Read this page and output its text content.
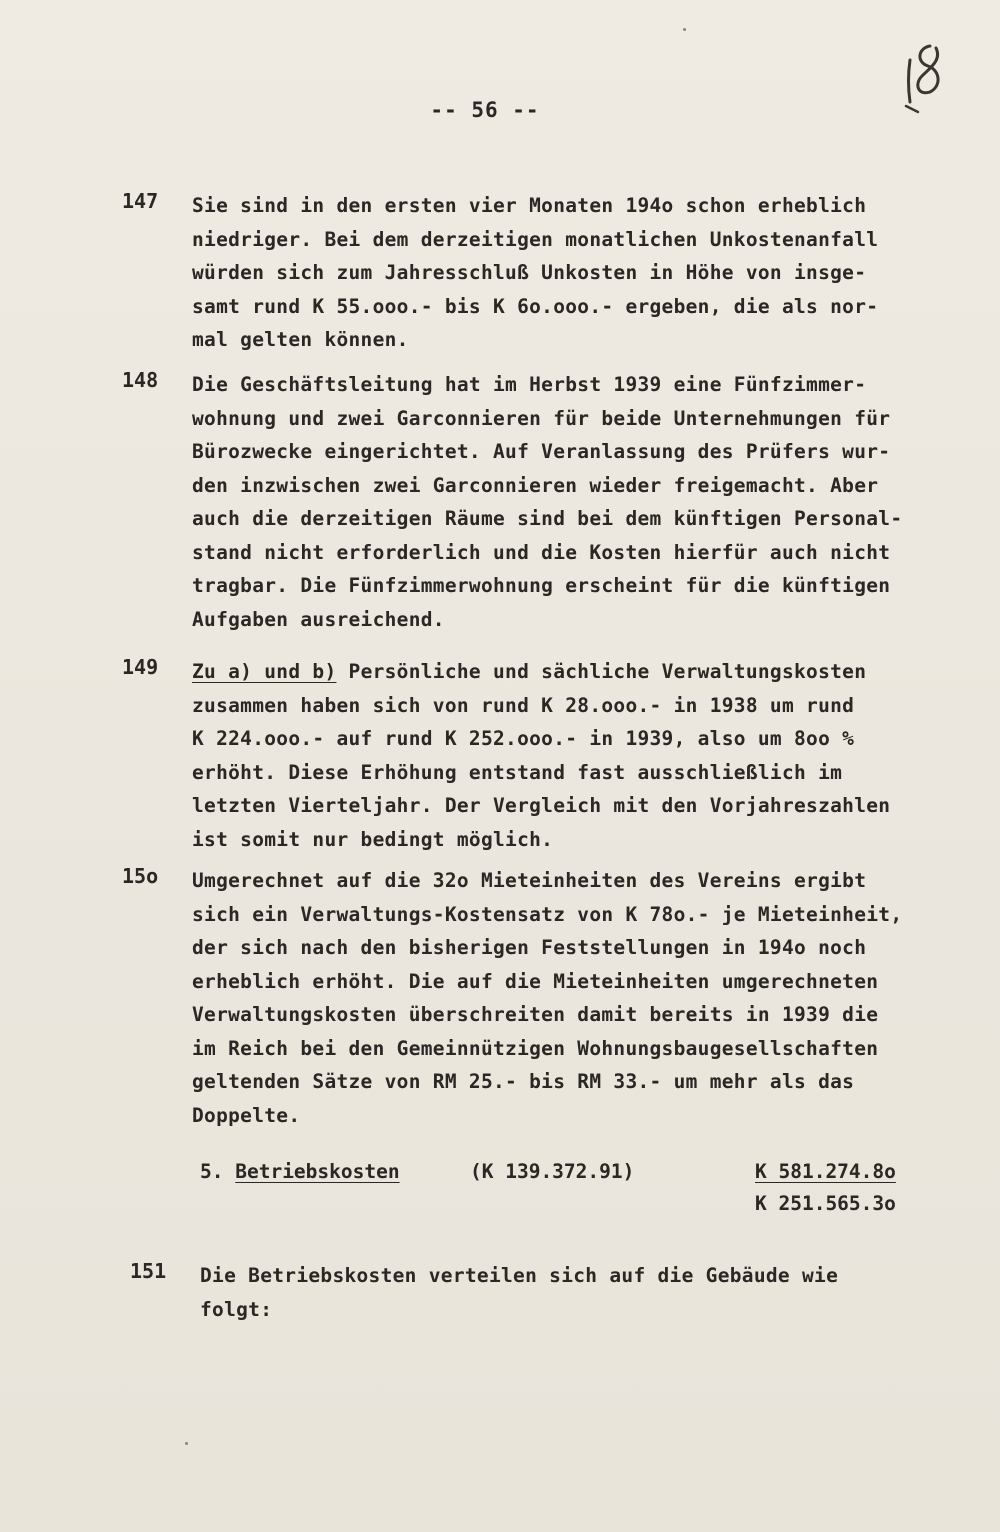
-- 56 --
147 Sie sind in den ersten vier Monaten 194o schon erheblich
niedriger. Bei dem derzeitigen monatlichen Unkostenanfall
würden sich zum Jahresschluß Unkosten in Höhe von insge-
samt rund K 55.ooo.- bis K 6o.ooo.- ergeben, die als nor-
mal gelten können.
148 Die Geschäftsleitung hat im Herbst 1939 eine Fünfzimmer-
wohnung und zwei Garconnieren für beide Unternehmungen für
Bürozwecke eingerichtet. Auf Veranlassung des Prüfers wur-
den inzwischen zwei Garconnieren wieder freigemacht. Aber
auch die derzeitigen Räume sind bei dem künftigen Personal-
stand nicht erforderlich und die Kosten hierfür auch nicht
tragbar. Die Fünfzimmerwohnung erscheint für die künftigen
Aufgaben ausreichend.
149 Zu a) und b) Persönliche und sächliche Verwaltungskosten
zusammen haben sich von rund K 28.ooo.- in 1938 um rund
K 224.ooo.- auf rund K 252.ooo.- in 1939, also um 8oo %
erhöht. Diese Erhöhung entstand fast ausschließlich im
letzten Vierteljahr. Der Vergleich mit den Vorjahreszahlen
ist somit nur bedingt möglich.
15o Umgerechnet auf die 32o Mieteinheiten des Vereins ergibt
sich ein Verwaltungs-Kostensatz von K 78o.- je Mieteinheit,
der sich nach den bisherigen Feststellungen in 194o noch
erheblich erhöht. Die auf die Mieteinheiten umgerechneten
Verwaltungskosten überschreiten damit bereits in 1939 die
im Reich bei den Gemeinnützigen Wohnungsbaugesellschaften
geltenden Sätze von RM 25.- bis RM 33.- um mehr als das
Doppelte.
5. Betriebskosten	(K 139.372.91)	K 581.274.8o
K 251.565.3o
151 Die Betriebskosten verteilen sich auf die Gebäude wie
folgt:
